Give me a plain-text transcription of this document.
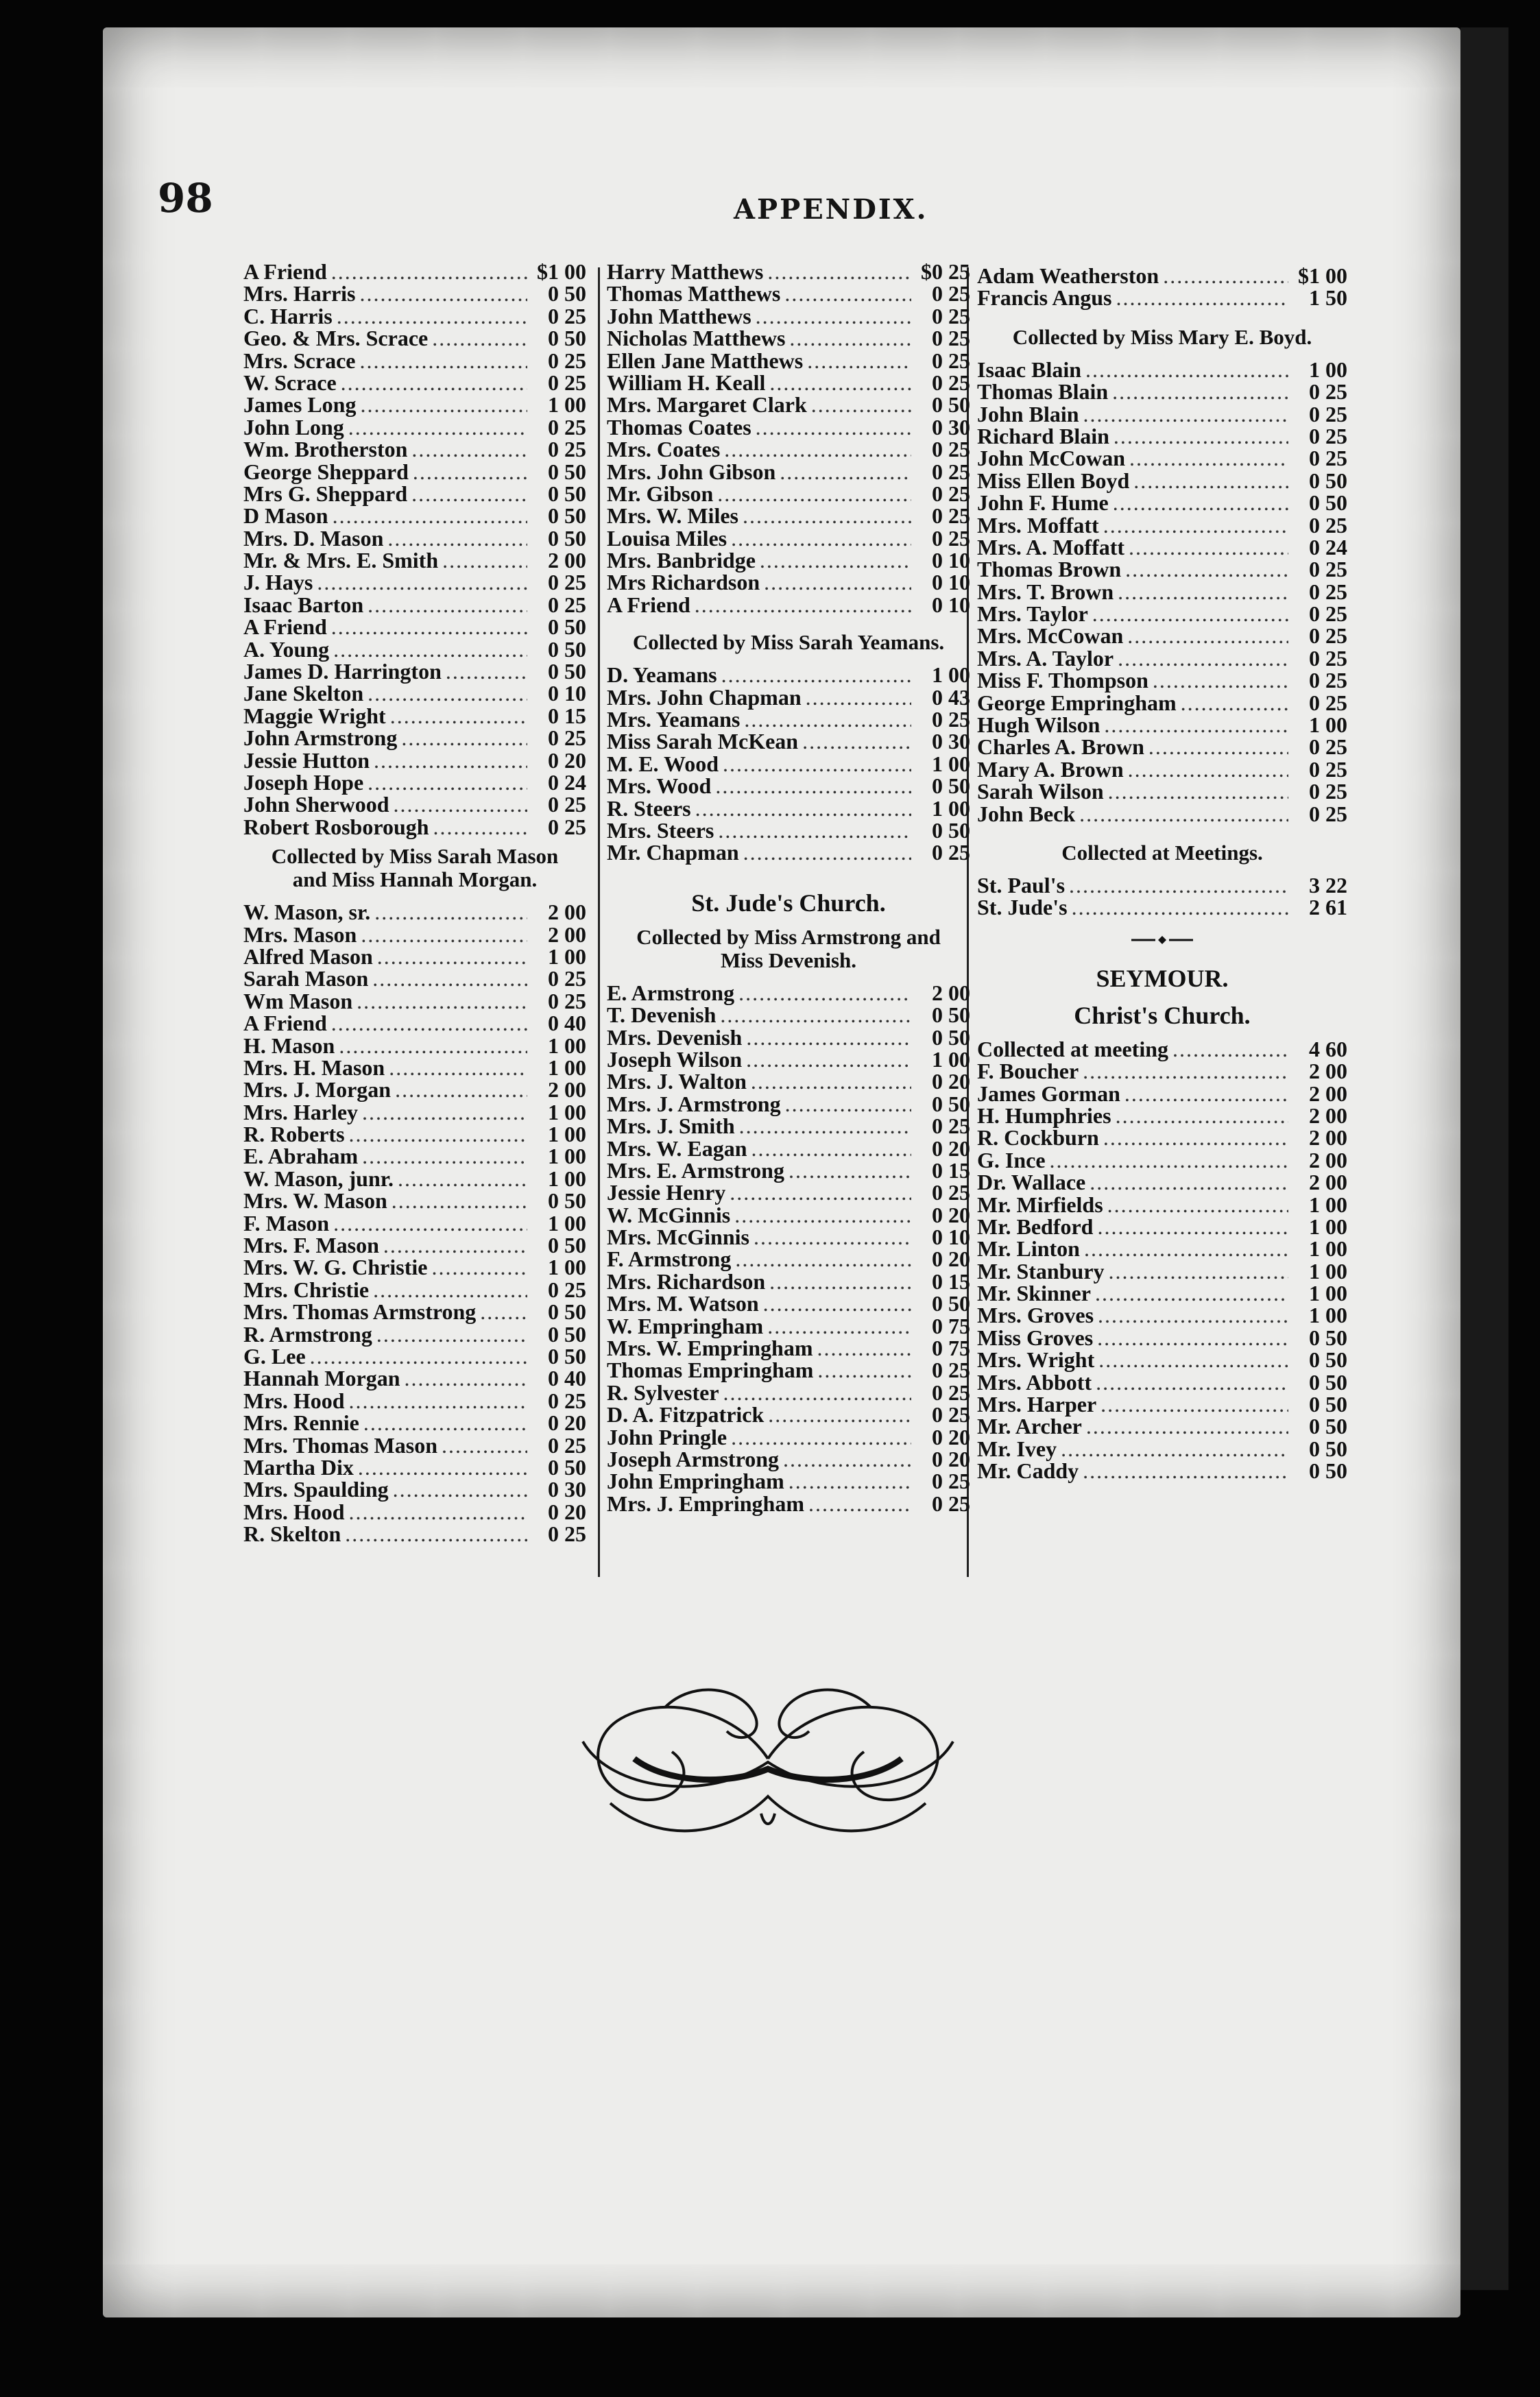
98	APPENDIX.
A Friend .....	$1 00
Mrs. Harris .....	0 50
C. Harris .....	0 25
Geo. & Mrs. Scrace .....	0 50
Mrs. Scrace .....	0 25
W. Scrace .....	0 25
James Long .....	1 00
John Long .....	0 25
Wm. Brotherston .....	0 25
George Sheppard .....	0 50
Mrs G. Sheppard .....	0 50
D Mason .....	0 50
Mrs. D. Mason .....	0 50
Mr. & Mrs. E. Smith .....	2 00
J. Hays .....	0 25
Isaac Barton .....	0 25
A Friend .....	0 50
A. Young .....	0 50
James D. Harrington .....	0 50
Jane Skelton .....	0 10
Maggie Wright .....	0 15
John Armstrong .....	0 25
Jessie Hutton .....	0 20
Joseph Hope .....	0 24
John Sherwood .....	0 25
Robert Rosborough .....	0 25
Collected by Miss Sarah Mason
and Miss Hannah Morgan.
W. Mason, sr. .....	2 00
Mrs. Mason .....	2 00
Alfred Mason .....	1 00
Sarah Mason .....	0 25
Wm Mason .....	0 25
A Friend .....	0 40
H. Mason .....	1 00
Mrs. H. Mason .....	1 00
Mrs. J. Morgan .....	2 00
Mrs. Harley .....	1 00
R. Roberts .....	1 00
E. Abraham .....	1 00
W. Mason, junr. .....	1 00
Mrs. W. Mason .....	0 50
F. Mason .....	1 00
Mrs. F. Mason .....	0 50
Mrs. W. G. Christie .....	1 00
Mrs. Christie .....	0 25
Mrs. Thomas Armstrong .....	0 50
R. Armstrong .....	0 50
G. Lee .....	0 50
Hannah Morgan .....	0 40
Mrs. Hood .....	0 25
Mrs. Rennie .....	0 20
Mrs. Thomas Mason .....	0 25
Martha Dix .....	0 50
Mrs. Spaulding .....	0 30
Mrs. Hood .....	0 20
R. Skelton .....	0 25
Harry Matthews .....	$0 25
Thomas Matthews .....	0 25
John Matthews .....	0 25
Nicholas Matthews .....	0 25
Ellen Jane Matthews .....	0 25
William H. Keall .....	0 25
Mrs. Margaret Clark .....	0 50
Thomas Coates .....	0 30
Mrs. Coates .....	0 25
Mrs. John Gibson .....	0 25
Mr. Gibson .....	0 25
Mrs. W. Miles .....	0 25
Louisa Miles .....	0 25
Mrs. Banbridge .....	0 10
Mrs Richardson .....	0 10
A Friend .....	0 10
Collected by Miss Sarah Yeamans.
D. Yeamans .....	1 00
Mrs. John Chapman .....	0 43
Mrs. Yeamans .....	0 25
Miss Sarah McKean .....	0 30
M. E. Wood .....	1 00
Mrs. Wood .....	0 50
R. Steers .....	1 00
Mrs. Steers .....	0 50
Mr. Chapman .....	0 25
St. Jude's Church.
Collected by Miss Armstrong and
Miss Devenish.
E. Armstrong .....	2 00
T. Devenish .....	0 50
Mrs. Devenish .....	0 50
Joseph Wilson .....	1 00
Mrs. J. Walton .....	0 20
Mrs. J. Armstrong .....	0 50
Mrs. J. Smith .....	0 25
Mrs. W. Eagan .....	0 20
Mrs. E. Armstrong .....	0 15
Jessie Henry .....	0 25
W. McGinnis .....	0 20
Mrs. McGinnis .....	0 10
F. Armstrong .....	0 20
Mrs. Richardson .....	0 15
Mrs. M. Watson .....	0 50
W. Empringham .....	0 75
Mrs. W. Empringham .....	0 75
Thomas Empringham .....	0 25
R. Sylvester .....	0 25
D. A. Fitzpatrick .....	0 25
John Pringle .....	0 20
Joseph Armstrong .....	0 20
John Empringham .....	0 25
Mrs. J. Empringham .....	0 25
Adam Weatherston .....	$1 00
Francis Angus .....	1 50
Collected by Miss Mary E. Boyd.
Isaac Blain .....	1 00
Thomas Blain .....	0 25
John Blain .....	0 25
Richard Blain .....	0 25
John McCowan .....	0 25
Miss Ellen Boyd .....	0 50
John F. Hume .....	0 50
Mrs. Moffatt .....	0 25
Mrs. A. Moffatt .....	0 24
Thomas Brown .....	0 25
Mrs. T. Brown .....	0 25
Mrs. Taylor .....	0 25
Mrs. McCowan .....	0 25
Mrs. A. Taylor .....	0 25
Miss F. Thompson .....	0 25
George Empringham .....	0 25
Hugh Wilson .....	1 00
Charles A. Brown .....	0 25
Mary A. Brown .....	0 25
Sarah Wilson .....	0 25
John Beck .....	0 25
Collected at Meetings.
St. Paul's .....	3 22
St. Jude's .....	2 61
SEYMOUR.
Christ's Church.
Collected at meeting .....	4 60
F. Boucher .....	2 00
James Gorman .....	2 00
H. Humphries .....	2 00
R. Cockburn .....	2 00
G. Ince .....	2 00
Dr. Wallace .....	2 00
Mr. Mirfields .....	1 00
Mr. Bedford .....	1 00
Mr. Linton .....	1 00
Mr. Stanbury .....	1 00
Mr. Skinner .....	1 00
Mrs. Groves .....	1 00
Miss Groves .....	0 50
Mrs. Wright .....	0 50
Mrs. Abbott .....	0 50
Mrs. Harper .....	0 50
Mr. Archer .....	0 50
Mr. Ivey .....	0 50
Mr. Caddy .....	0 50
